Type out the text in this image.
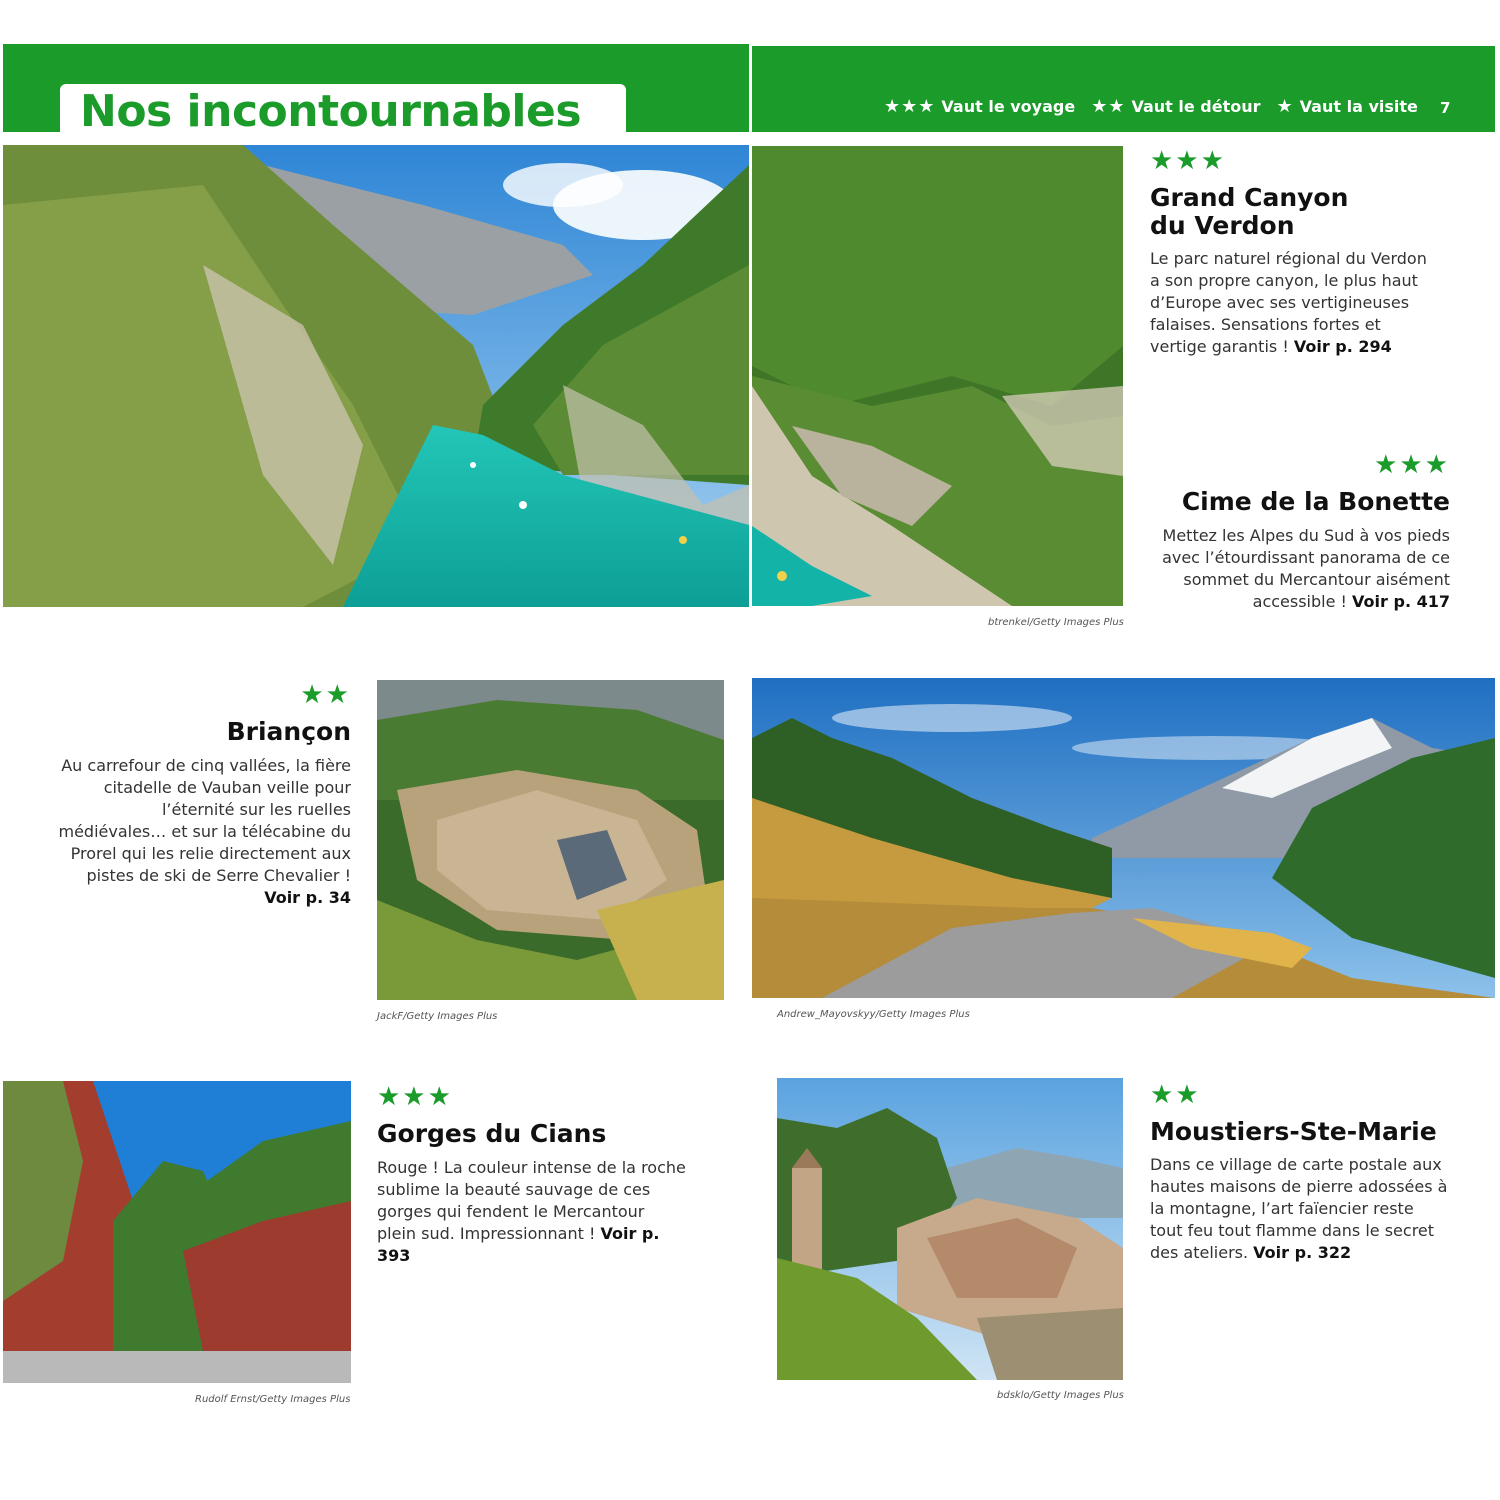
Nos incontournables	★★★ Vaut le voyage ★★ Vaut le détour ★ Vaut la visite 7
★★★
Grand Canyon
du Verdon
Le parc naturel régional du Verdon a son propre canyon, le plus haut d’Europe avec ses vertigineuses falaises. Sensations fortes et vertige garantis ! Voir p. 294
btrenkel/Getty Images Plus
★★★
Cime de la Bonette
Mettez les Alpes du Sud à vos pieds avec l’étourdissant panorama de ce sommet du Mercantour aisément accessible ! Voir p. 417
★★
Briançon
Au carrefour de cinq vallées, la fière citadelle de Vauban veille pour l’éternité sur les ruelles médiévales… et sur la télécabine du Prorel qui les relie directement aux pistes de ski de Serre Chevalier ! Voir p. 34
JackF/Getty Images Plus	Andrew_Mayovskyy/Getty Images Plus
Rudolf Ernst/Getty Images Plus
★★★
Gorges du Cians
Rouge ! La couleur intense de la roche sublime la beauté sauvage de ces gorges qui fendent le Mercantour plein sud. Impressionnant ! Voir p. 393
bdsklo/Getty Images Plus
★★
Moustiers-Ste-Marie
Dans ce village de carte postale aux hautes maisons de pierre adossées à la montagne, l’art faïencier reste tout feu tout flamme dans le secret des ateliers. Voir p. 322
